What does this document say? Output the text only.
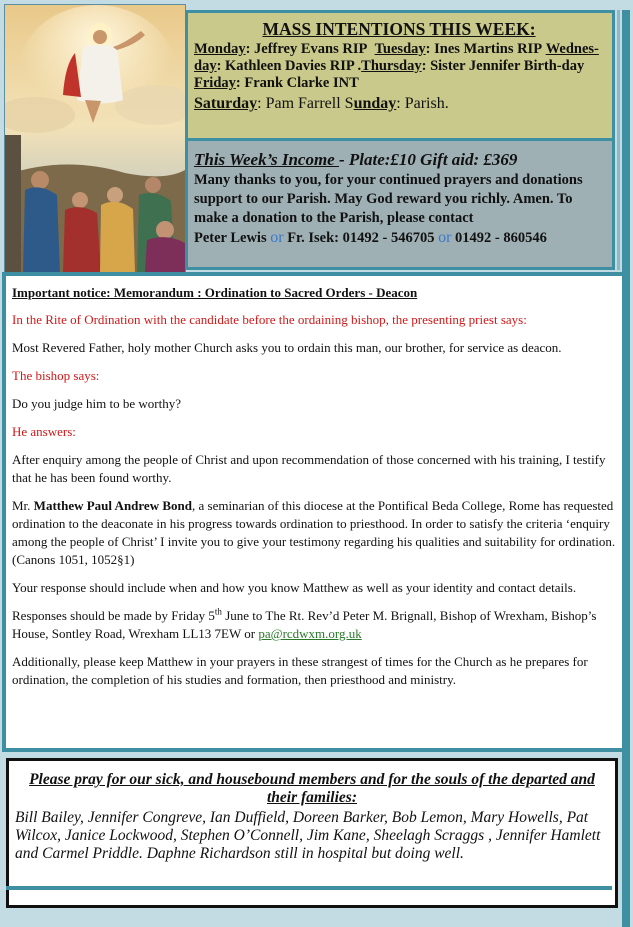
MASS INTENTIONS THIS WEEK:
Monday: Jeffrey Evans RIP Tuesday: Ines Martins RIP Wednes- day: Kathleen Davies RIP .Thursday: Sister Jennifer Birth-day Friday: Frank Clarke INT
Saturday: Pam Farrell Sunday: Parish.
This Week’s Income - Plate:£10 Gift aid: £369
Many thanks to you, for your continued prayers and donations support to our Parish. May God reward you richly. Amen. To make a donation to the Parish, please contact
Peter Lewis or Fr. Isek: 01492 - 546705 or 01492 - 860546

Important notice: Memorandum : Ordination to Sacred Orders - Deacon

In the Rite of Ordination with the candidate before the ordaining bishop, the presenting priest says:

Most Revered Father, holy mother Church asks you to ordain this man, our brother, for service as deacon.

The bishop says:

Do you judge him to be worthy?

He answers:

After enquiry among the people of Christ and upon recommendation of those concerned with his training, I testify that he has been found worthy.

Mr. Matthew Paul Andrew Bond, a seminarian of this diocese at the Pontifical Beda College, Rome has requested ordination to the deaconate in his progress towards ordination to priesthood. In order to satisfy the criteria ‘enquiry among the people of Christ’ I invite you to give your testimony regarding his qualities and suitability for ordination. (Canons 1051, 1052§1)

Your response should include when and how you know Matthew as well as your identity and contact details.

Responses should be made by Friday 5th June to The Rt. Rev’d Peter M. Brignall, Bishop of Wrexham, Bishop’s House, Sontley Road, Wrexham LL13 7EW or pa@rcdwxm.org.uk

Additionally, please keep Matthew in your prayers in these strangest of times for the Church as he prepares for ordination, the completion of his studies and formation, then priesthood and ministry.

Please pray for our sick, and housebound members and for the souls of the departed and their families:
Bill Bailey, Jennifer Congreve, Ian Duffield, Doreen Barker, Bob Lemon, Mary Howells, Pat Wilcox, Janice Lockwood, Stephen O’Connell, Jim Kane, Sheelagh Scraggs , Jennifer Hamlett and Carmel Priddle. Daphne Richardson still in hospital but doing well.
